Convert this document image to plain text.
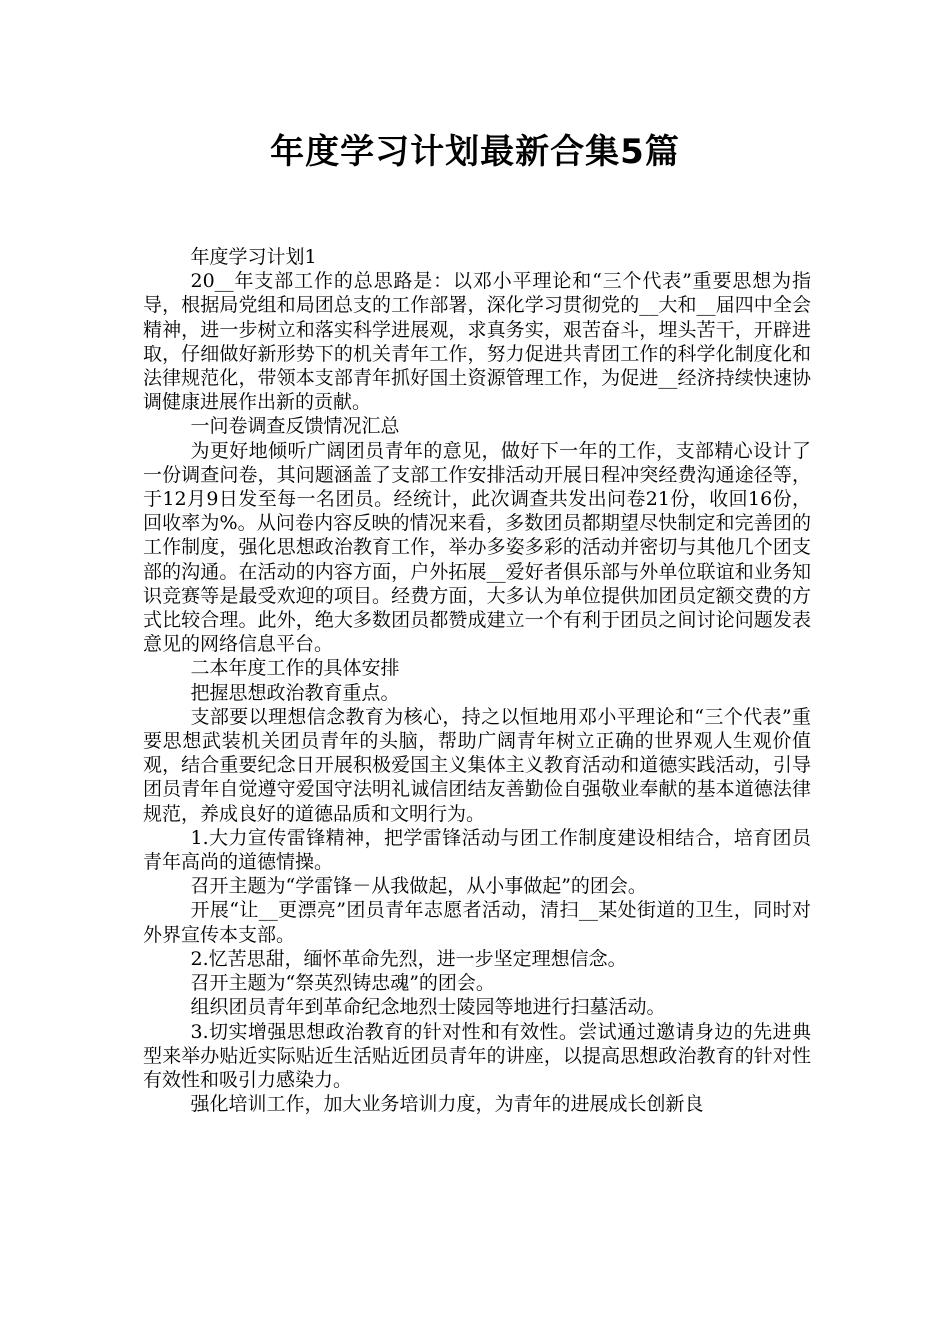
年度学习计划最新合集5篇

年度学习计划1

20__年支部工作的总思路是：以邓小平理论和“三个代表”重要思想为指导，根据局党组和局团总支的工作部署，深化学习贯彻党的__大和__届四中全会精神，进一步树立和落实科学进展观，求真务实，艰苦奋斗，埋头苦干，开辟进取，仔细做好新形势下的机关青年工作，努力促进共青团工作的科学化制度化和法律规范化，带领本支部青年抓好国土资源管理工作，为促进__经济持续快速协调健康进展作出新的贡献。

一问卷调查反馈情况汇总

为更好地倾听广阔团员青年的意见，做好下一年的工作，支部精心设计了一份调查问卷，其问题涵盖了支部工作安排活动开展日程冲突经费沟通途径等，于12月9日发至每一名团员。经统计，此次调查共发出问卷21份，收回16份，回收率为%。从问卷内容反映的情况来看，多数团员都期望尽快制定和完善团的工作制度，强化思想政治教育工作，举办多姿多彩的活动并密切与其他几个团支部的沟通。在活动的内容方面，户外拓展__爱好者俱乐部与外单位联谊和业务知识竞赛等是最受欢迎的项目。经费方面，大多认为单位提供加团员定额交费的方式比较合理。此外，绝大多数团员都赞成建立一个有利于团员之间讨论问题发表意见的网络信息平台。

二本年度工作的具体安排

把握思想政治教育重点。

支部要以理想信念教育为核心，持之以恒地用邓小平理论和“三个代表”重要思想武装机关团员青年的头脑，帮助广阔青年树立正确的世界观人生观价值观，结合重要纪念日开展积极爱国主义集体主义教育活动和道德实践活动，引导团员青年自觉遵守爱国守法明礼诚信团结友善勤俭自强敬业奉献的基本道德法律规范，养成良好的道德品质和文明行为。

1.大力宣传雷锋精神，把学雷锋活动与团工作制度建设相结合，培育团员青年高尚的道德情操。

召开主题为“学雷锋－从我做起，从小事做起”的团会。

开展“让__更漂亮”团员青年志愿者活动，清扫__某处街道的卫生，同时对外界宣传本支部。

2.忆苦思甜，缅怀革命先烈，进一步坚定理想信念。

召开主题为“祭英烈铸忠魂”的团会。

组织团员青年到革命纪念地烈士陵园等地进行扫墓活动。

3.切实增强思想政治教育的针对性和有效性。尝试通过邀请身边的先进典型来举办贴近实际贴近生活贴近团员青年的讲座，以提高思想政治教育的针对性有效性和吸引力感染力。

强化培训工作，加大业务培训力度，为青年的进展成长创新良
